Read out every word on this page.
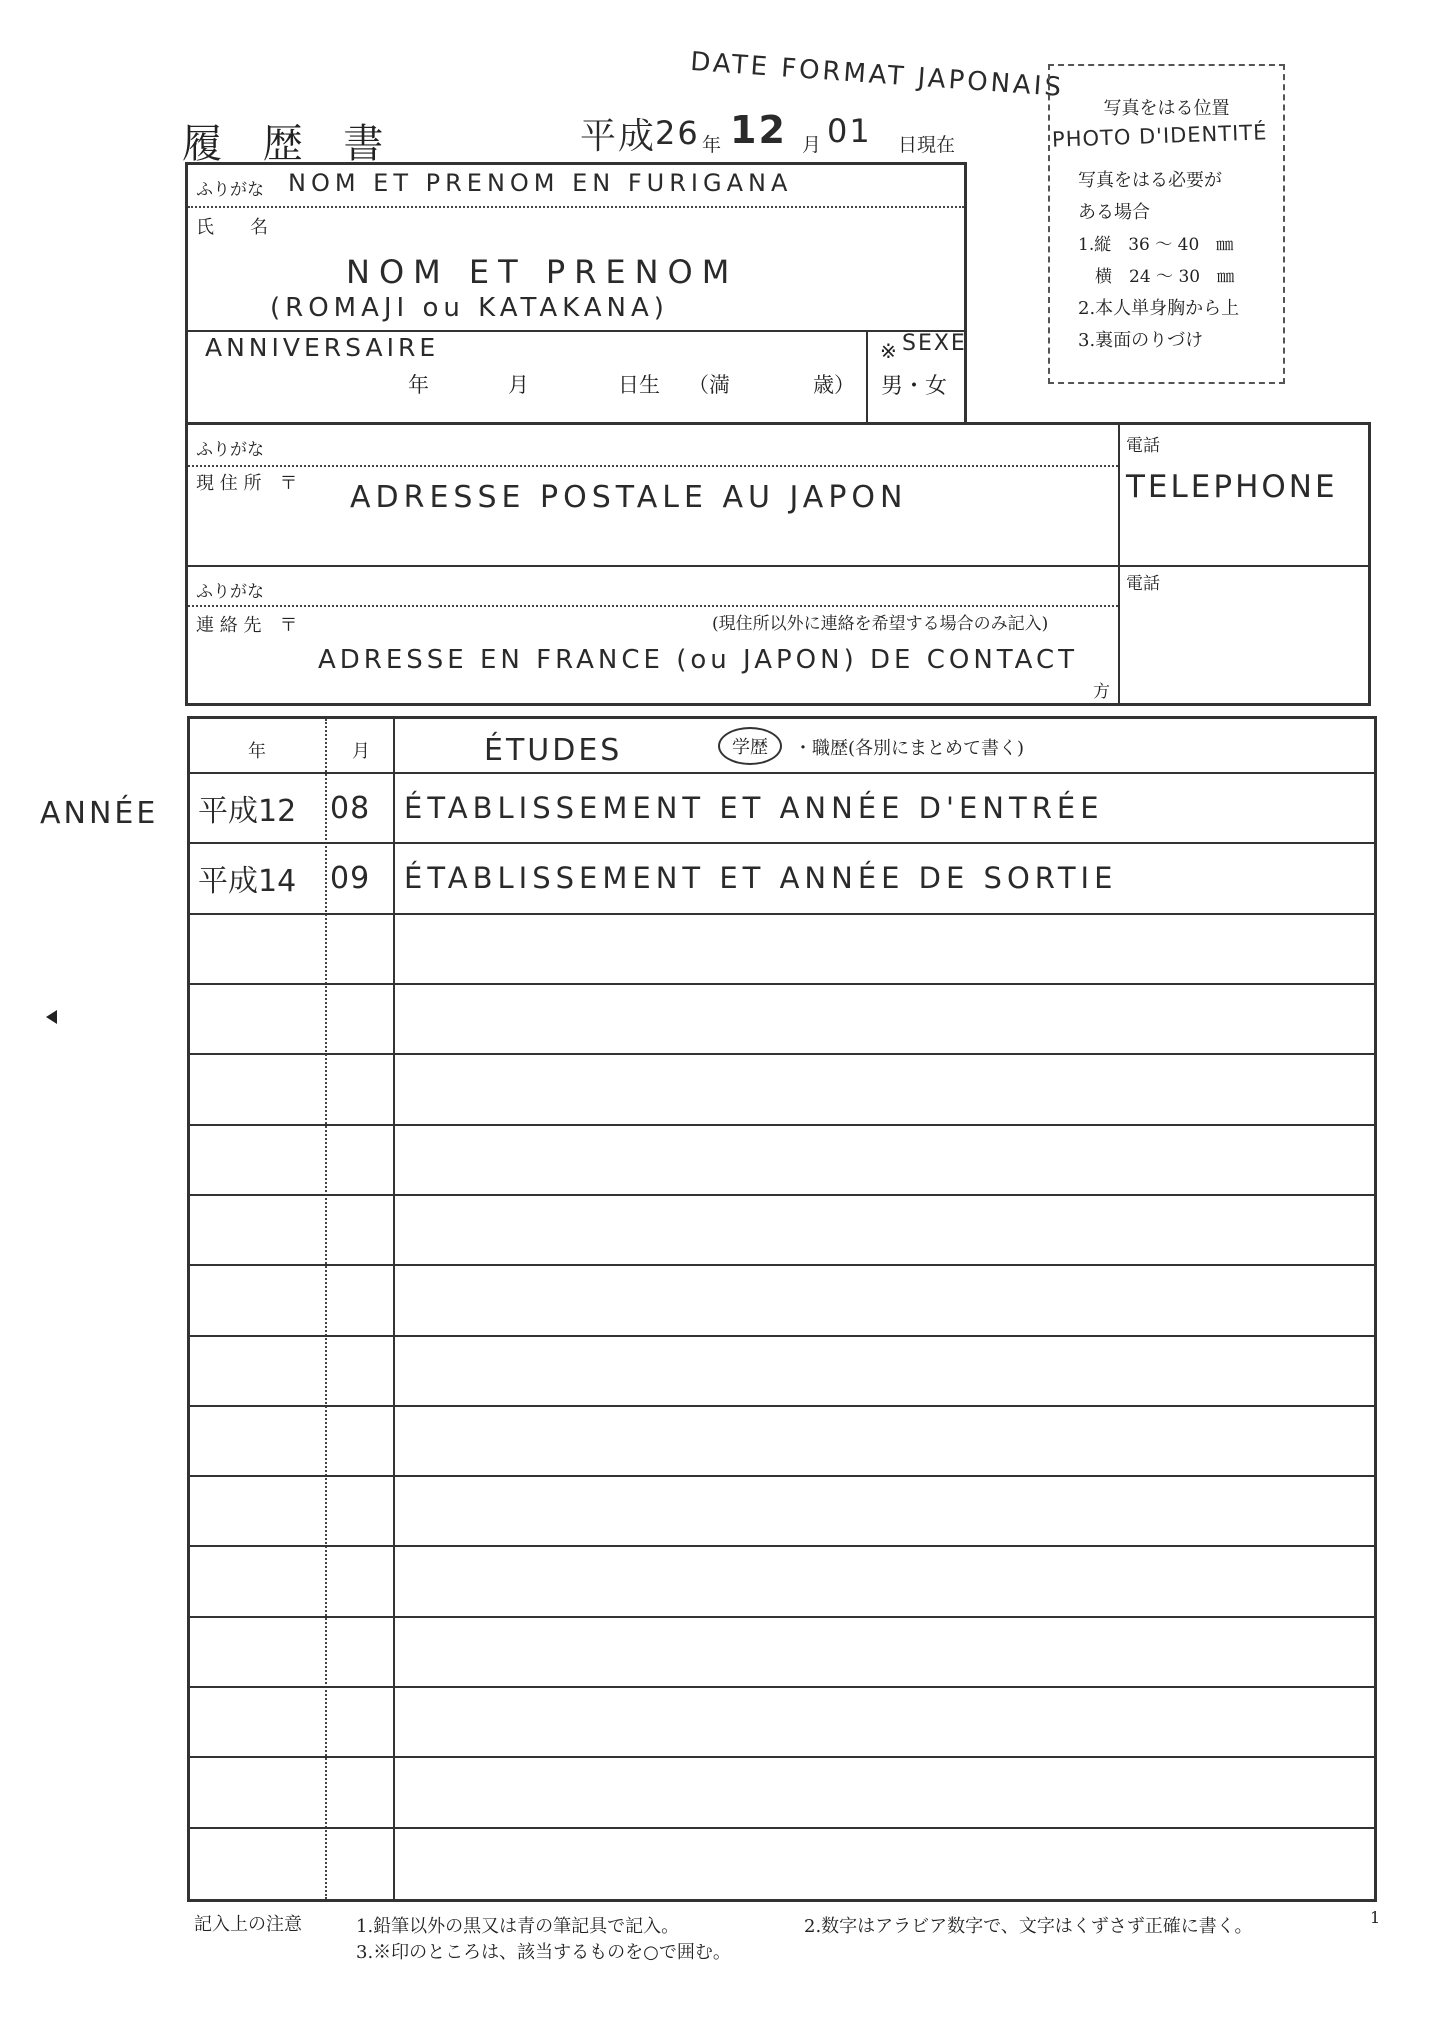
DATE FORMAT JAPONAIS
履 歴 書	平成
26 年 12 月 01 日現在
写真をはる位置
PHOTO D'IDENTITÉ
写真をはる必要が
ある場合
1.縦　36 ～ 40　㎜
　横　24 ～ 30　㎜
2.本人単身胸から上
3.裏面のりづけ
ふりがな NOM ET PRENOM EN FURIGANA
氏　　名
NOM ET PRENOM
(ROMAJI ou KATAKANA)
ANNIVERSAIRE
年	月	日生 （満	歳）
※ SEXE
男・女
ふりがな
現 住 所　〒 ADRESSE POSTALE AU JAPON
電話
TELEPHONE
ふりがな
連 絡 先　〒	(現住所以外に連絡を希望する場合のみ記入)
ADRESSE EN FRANCE (ou JAPON) DE CONTACT
方
電話
ANNÉE
年	月	ÉTUDES	学歴	・職歴(各別にまとめて書く)
平成12	08	ÉTABLISSEMENT ET ANNÉE D'ENTRÉE
平成14	09	ÉTABLISSEMENT ET ANNÉE DE SORTIE
記入上の注意	1.鉛筆以外の黒又は青の筆記具で記入。	2.数字はアラビア数字で、文字はくずさず正確に書く。
3.※印のところは、該当するものを○で囲む。
1
